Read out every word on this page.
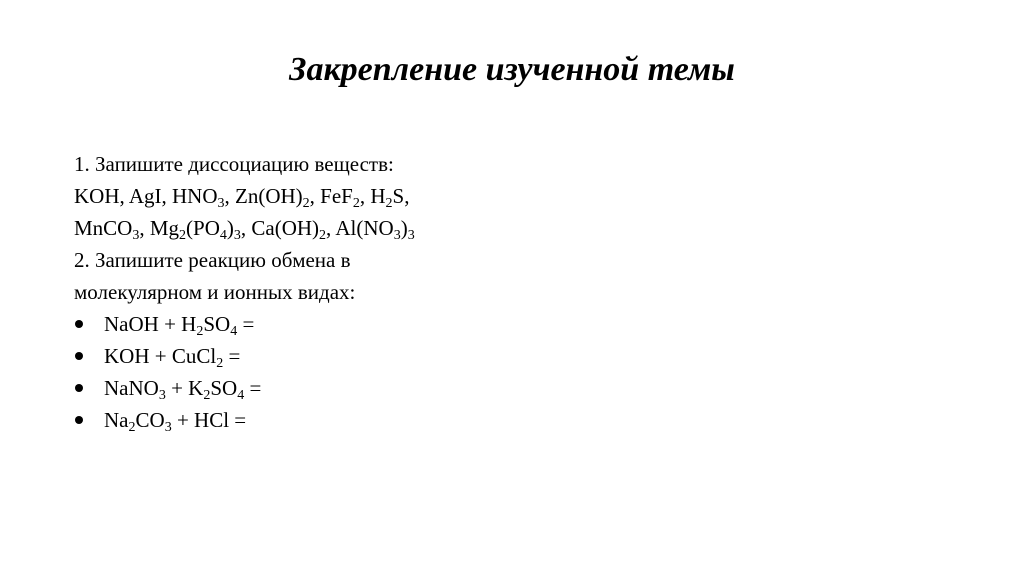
Закрепление изученной темы
1. Запишите диссоциацию веществ:
KOH, AgI, $HNO_3$, $Zn(OH)_2$, FeF$_2$, $H_2S$,
MnCO$_3$, $Mg_2(PO_4)_3$, $Ca(OH)_2$, $Al(NO_3)_3$
2. Запишите реакцию обмена в
молекулярном и ионных видах:
NaOH + $H_2SO_4$ =
KOH + CuCl$_2$ =
NaNO$_3$ + $K_2SO_4$ =
$Na_2CO_3$ + HCl =
